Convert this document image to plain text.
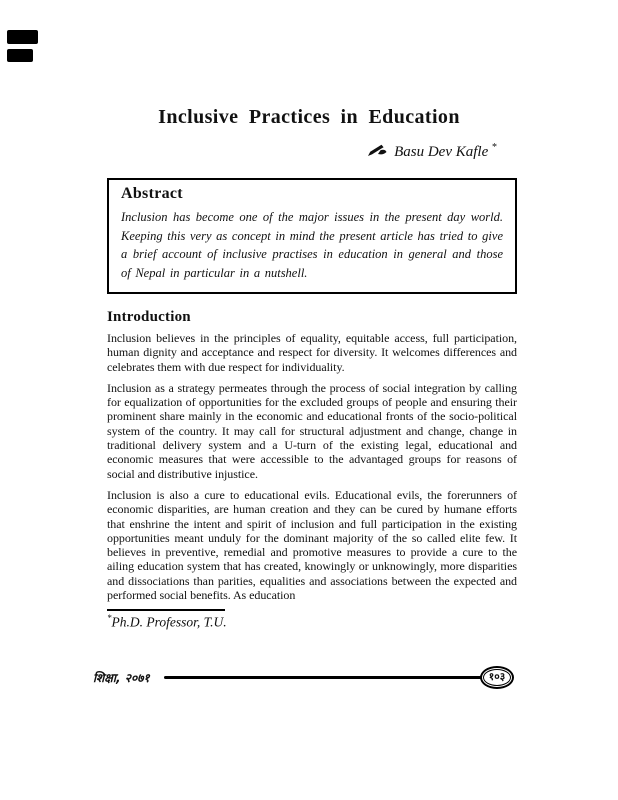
Inclusive Practices in Education
Basu Dev Kafle *
Abstract

Inclusion has become one of the major issues in the present day world. Keeping this very as concept in mind the present article has tried to give a brief account of inclusive practises in education in general and those of Nepal in particular in a nutshell.

Introduction

Inclusion believes in the principles of equality, equitable access, full participation, human dignity and acceptance and respect for diversity. It welcomes differences and celebrates them with due respect for individuality.

Inclusion as a strategy permeates through the process of social integration by calling for equalization of opportunities for the excluded groups of people and ensuring their prominent share mainly in the economic and educational fronts of the socio-political system of the country. It may call for structural adjustment and change, change in traditional delivery system and a U-turn of the existing legal, educational and economic measures that were accessible to the advantaged groups for reasons of social and distributive injustice.

Inclusion is also a cure to educational evils. Educational evils, the forerunners of economic disparities, are human creation and they can be cured by humane efforts that enshrine the intent and spirit of inclusion and full participation in the existing opportunities meant unduly for the dominant majority of the so called elite few. It believes in preventive, remedial and promotive measures to provide a cure to the ailing education system that has created, knowingly or unknowingly, more disparities and dissociations than parities, equalities and associations between the expected and performed social benefits. As education

*Ph.D. Professor, T.U.

शिक्षा, २०७१	१०३
